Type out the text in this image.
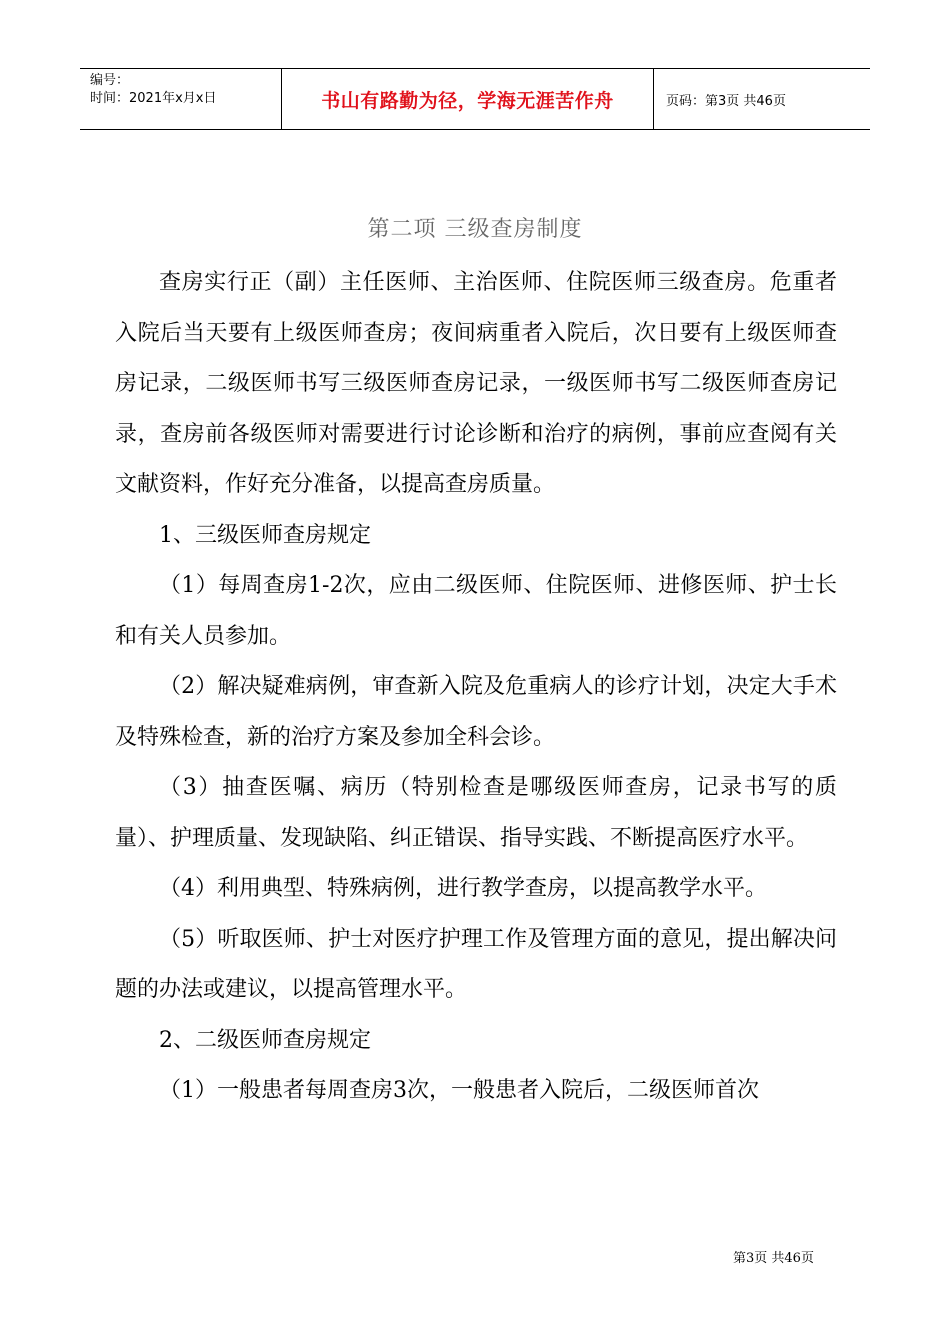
编号：
时间：2021年x月x日	书山有路勤为径，学海无涯苦作舟	页码：第3页 共46页
第二项 三级查房制度

查房实行正（副）主任医师、主治医师、住院医师三级查房。危重者入院后当天要有上级医师查房；夜间病重者入院后，次日要有上级医师查房记录，二级医师书写三级医师查房记录，一级医师书写二级医师查房记录，查房前各级医师对需要进行讨论诊断和治疗的病例，事前应查阅有关文献资料，作好充分准备，以提高查房质量。

1、三级医师查房规定

（1）每周查房1-2次，应由二级医师、住院医师、进修医师、护士长和有关人员参加。

（2）解决疑难病例，审查新入院及危重病人的诊疗计划，决定大手术及特殊检查，新的治疗方案及参加全科会诊。

（3）抽查医嘱、病历（特别检查是哪级医师查房，记录书写的质量）、护理质量、发现缺陷、纠正错误、指导实践、不断提高医疗水平。

（4）利用典型、特殊病例，进行教学查房，以提高教学水平。

（5）听取医师、护士对医疗护理工作及管理方面的意见，提出解决问题的办法或建议，以提高管理水平。

2、二级医师查房规定

（1）一般患者每周查房3次，一般患者入院后，二级医师首次

第3页 共46页
